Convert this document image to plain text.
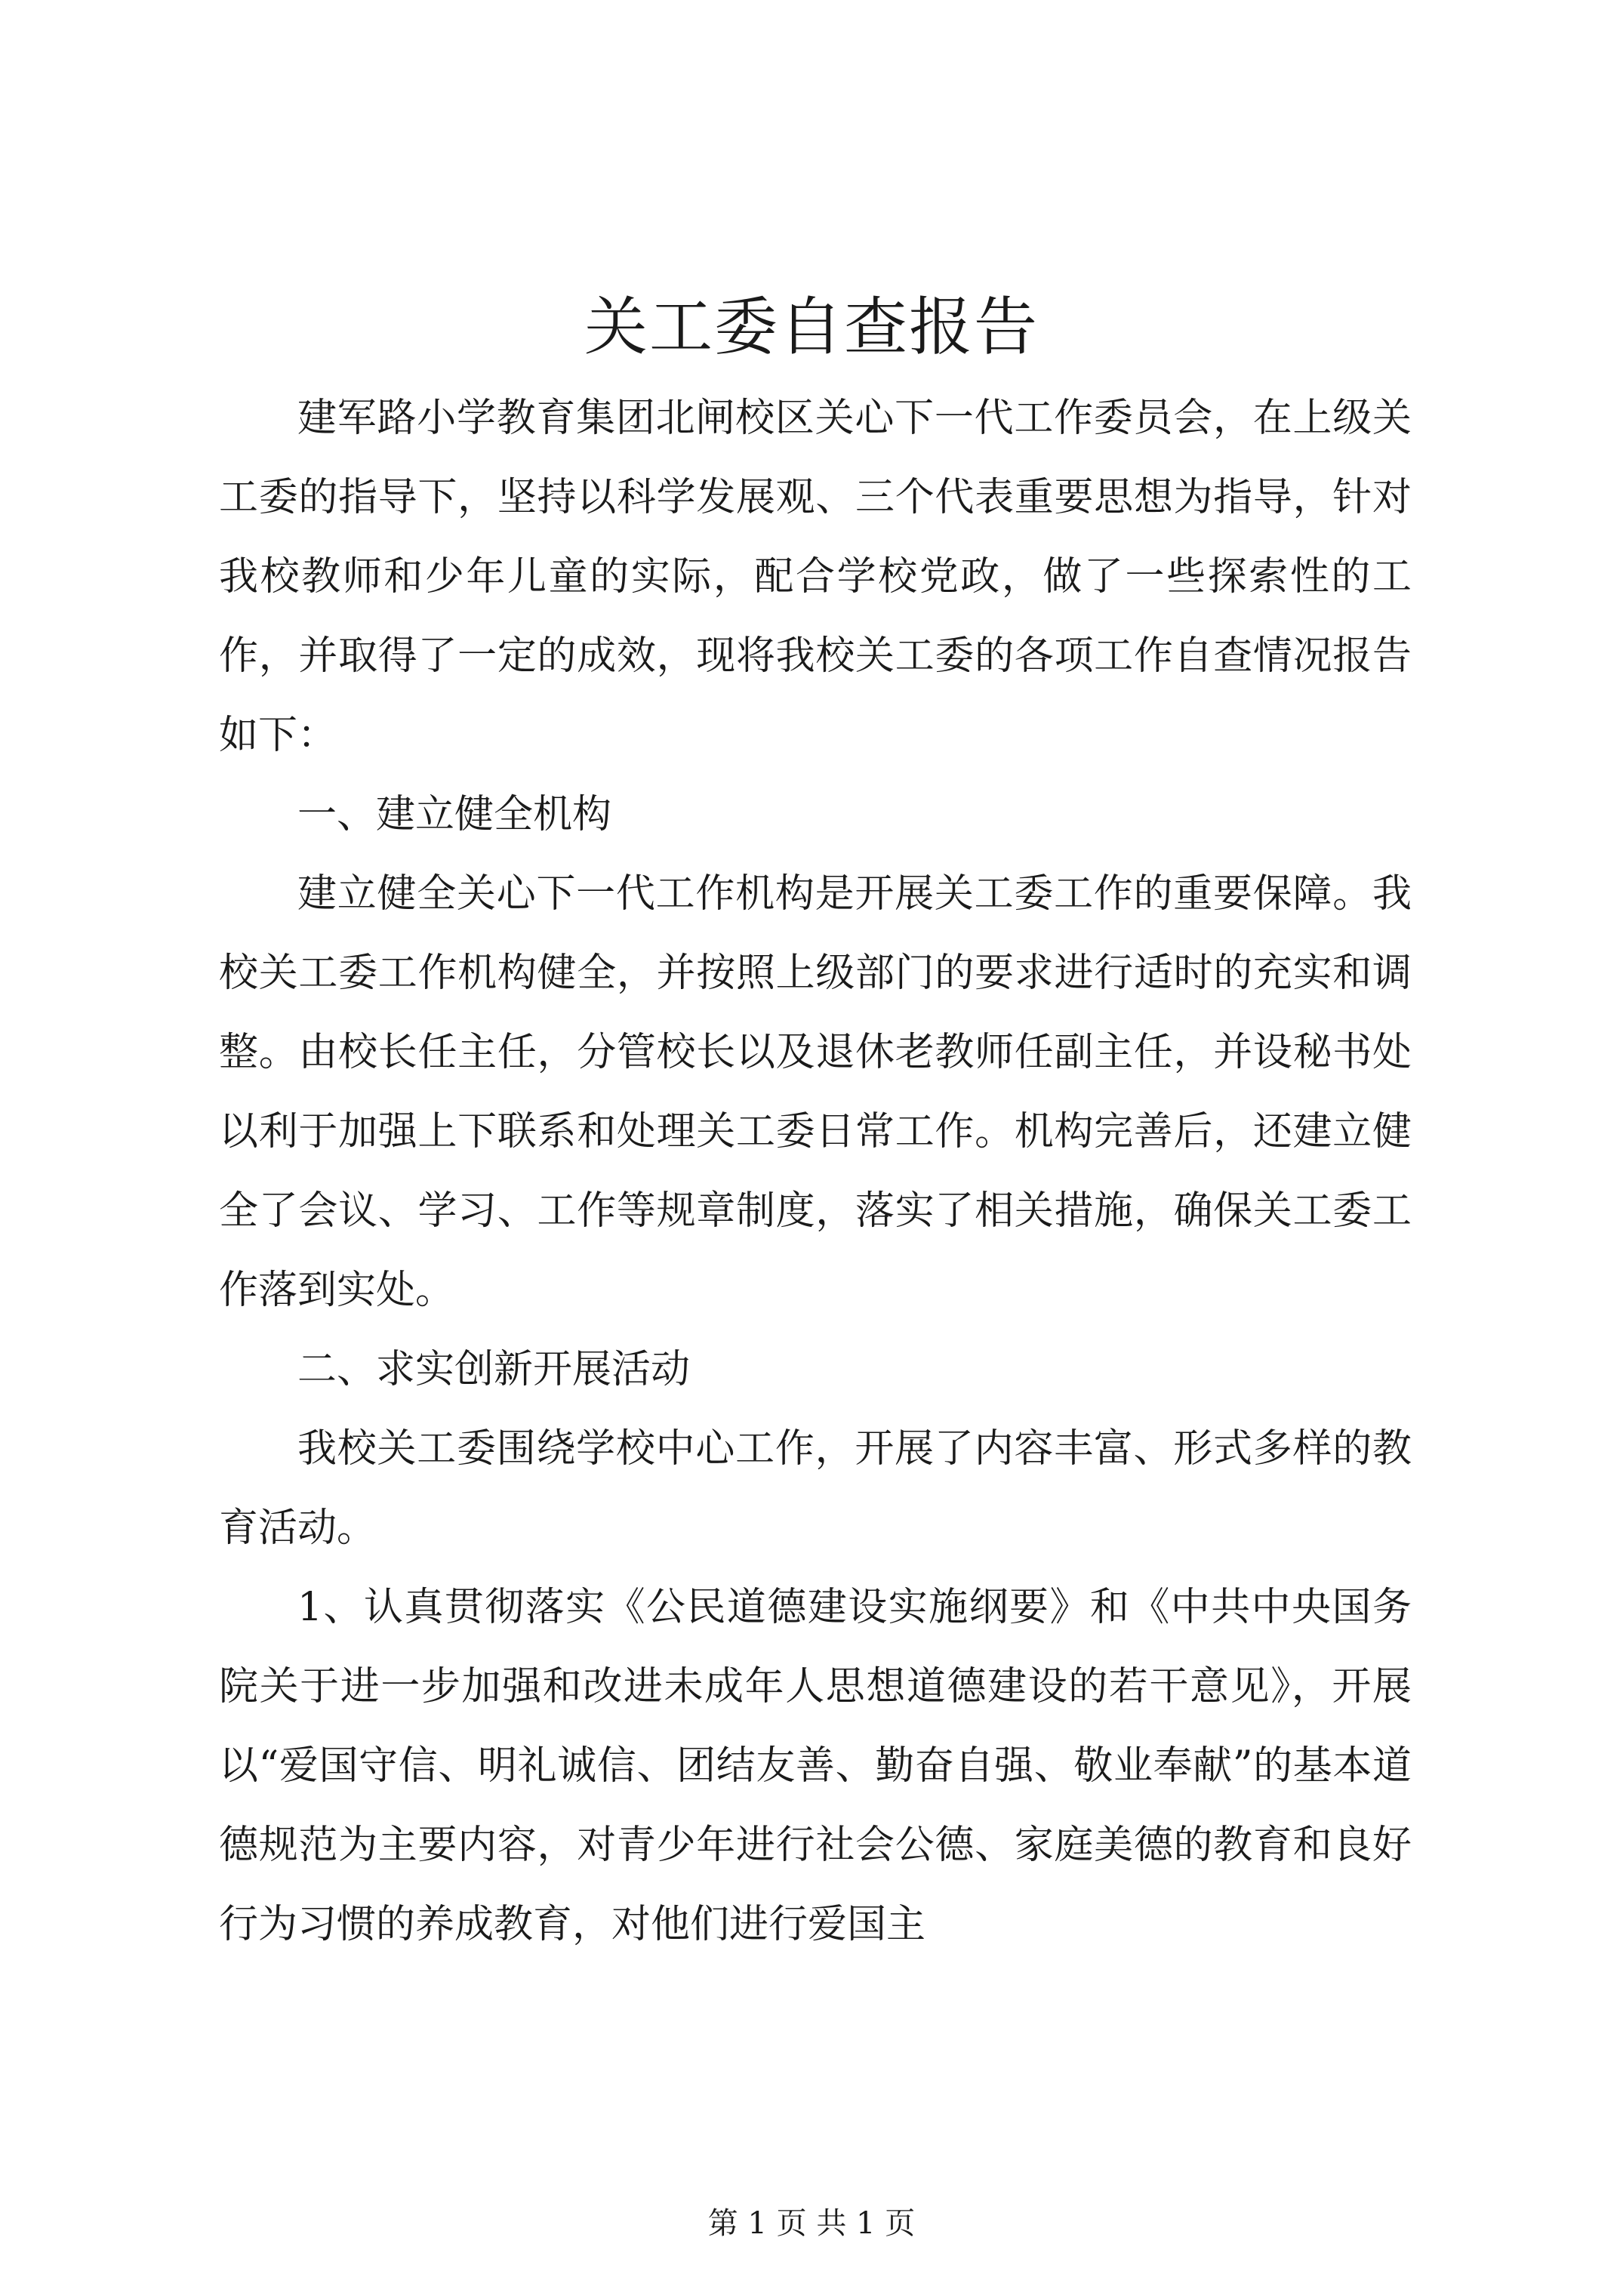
关工委自查报告

建军路小学教育集团北闸校区关心下一代工作委员会，在上级关工委的指导下，坚持以科学发展观、三个代表重要思想为指导，针对我校教师和少年儿童的实际，配合学校党政，做了一些探索性的工作，并取得了一定的成效，现将我校关工委的各项工作自查情况报告如下：

一、建立健全机构

建立健全关心下一代工作机构是开展关工委工作的重要保障。我校关工委工作机构健全，并按照上级部门的要求进行适时的充实和调整。由校长任主任，分管校长以及退休老教师任副主任，并设秘书处以利于加强上下联系和处理关工委日常工作。机构完善后，还建立健全了会议、学习、工作等规章制度，落实了相关措施，确保关工委工作落到实处。

二、求实创新开展活动

我校关工委围绕学校中心工作，开展了内容丰富、形式多样的教育活动。

1、认真贯彻落实《公民道德建设实施纲要》和《中共中央国务院关于进一步加强和改进未成年人思想道德建设的若干意见》，开展以“爱国守信、明礼诚信、团结友善、勤奋自强、敬业奉献”的基本道德规范为主要内容，对青少年进行社会公德、家庭美德的教育和良好行为习惯的养成教育，对他们进行爱国主

第 1 页 共 1 页
